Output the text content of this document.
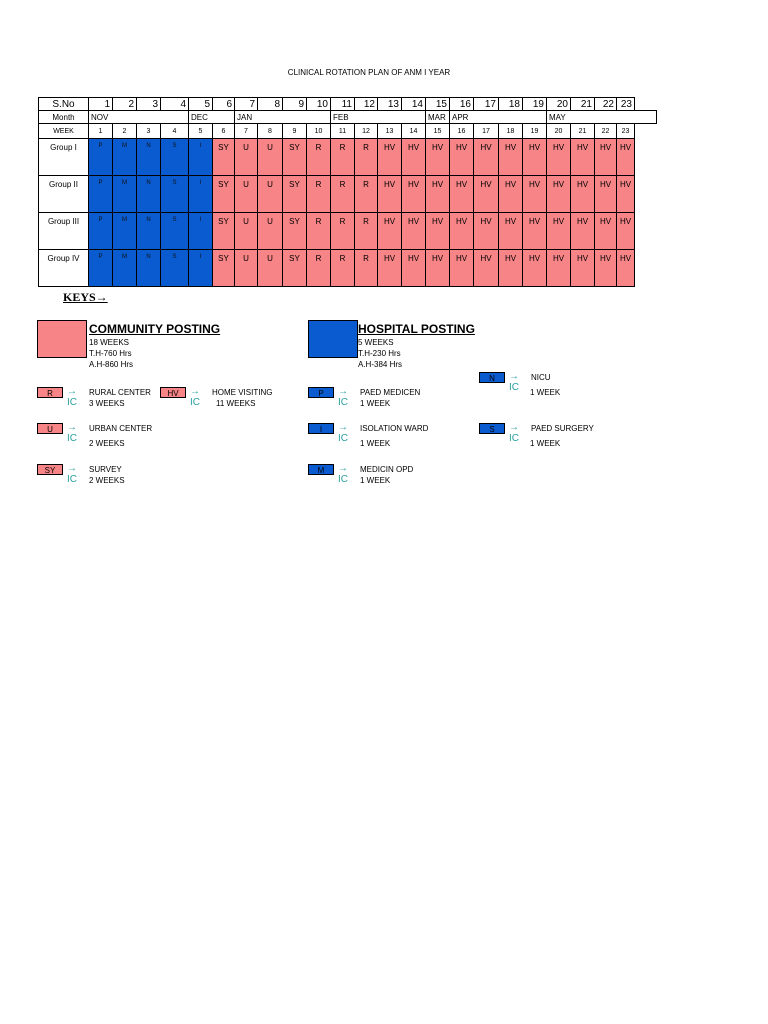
CLINICAL ROTATION PLAN OF ANM I YEAR
S.No	1	2	3	4	5	6	7	8	9	10	11	12	13	14	15	16	17	18	19	20	21	22	23
Month	NOV				DEC		JAN				FEB				MAR	APR				MAY			
WEEK	1	2	3	4	5	6	7	8	9	10	11	12	13	14	15	16	17	18	19	20	21	22	23
Group I	P	M	N	S	I	SY	U	U	SY	R	R	R	HV	HV	HV	HV	HV	HV	HV	HV	HV	HV	HV
Group II	P	M	N	S	I	SY	U	U	SY	R	R	R	HV	HV	HV	HV	HV	HV	HV	HV	HV	HV	HV
Group III	P	M	N	S	I	SY	U	U	SY	R	R	R	HV	HV	HV	HV	HV	HV	HV	HV	HV	HV	HV
Group IV	P	M	N	S	I	SY	U	U	SY	R	R	R	HV	HV	HV	HV	HV	HV	HV	HV	HV	HV	HV
KEYS→
COMMUNITY POSTING
18 WEEKS
T.H-760 Hrs
A.H-860 Hrs
HOSPITAL POSTING
5 WEEKS
T.H-230 Hrs
A.H-384 Hrs
R	→ IC
RURAL CENTER
3 WEEKS
HV	→ IC
HOME VISITING
11 WEEKS
U	→ IC
URBAN CENTER
2 WEEKS
SY	→ IC
SURVEY
2 WEEKS
P	→ IC
PAED MEDICEN
1 WEEK
I	→ IC
ISOLATION WARD
1 WEEK
M	→ IC
MEDICIN OPD
1 WEEK
N	→ IC
NICU
1 WEEK
S	→ IC
PAED SURGERY
1 WEEK
